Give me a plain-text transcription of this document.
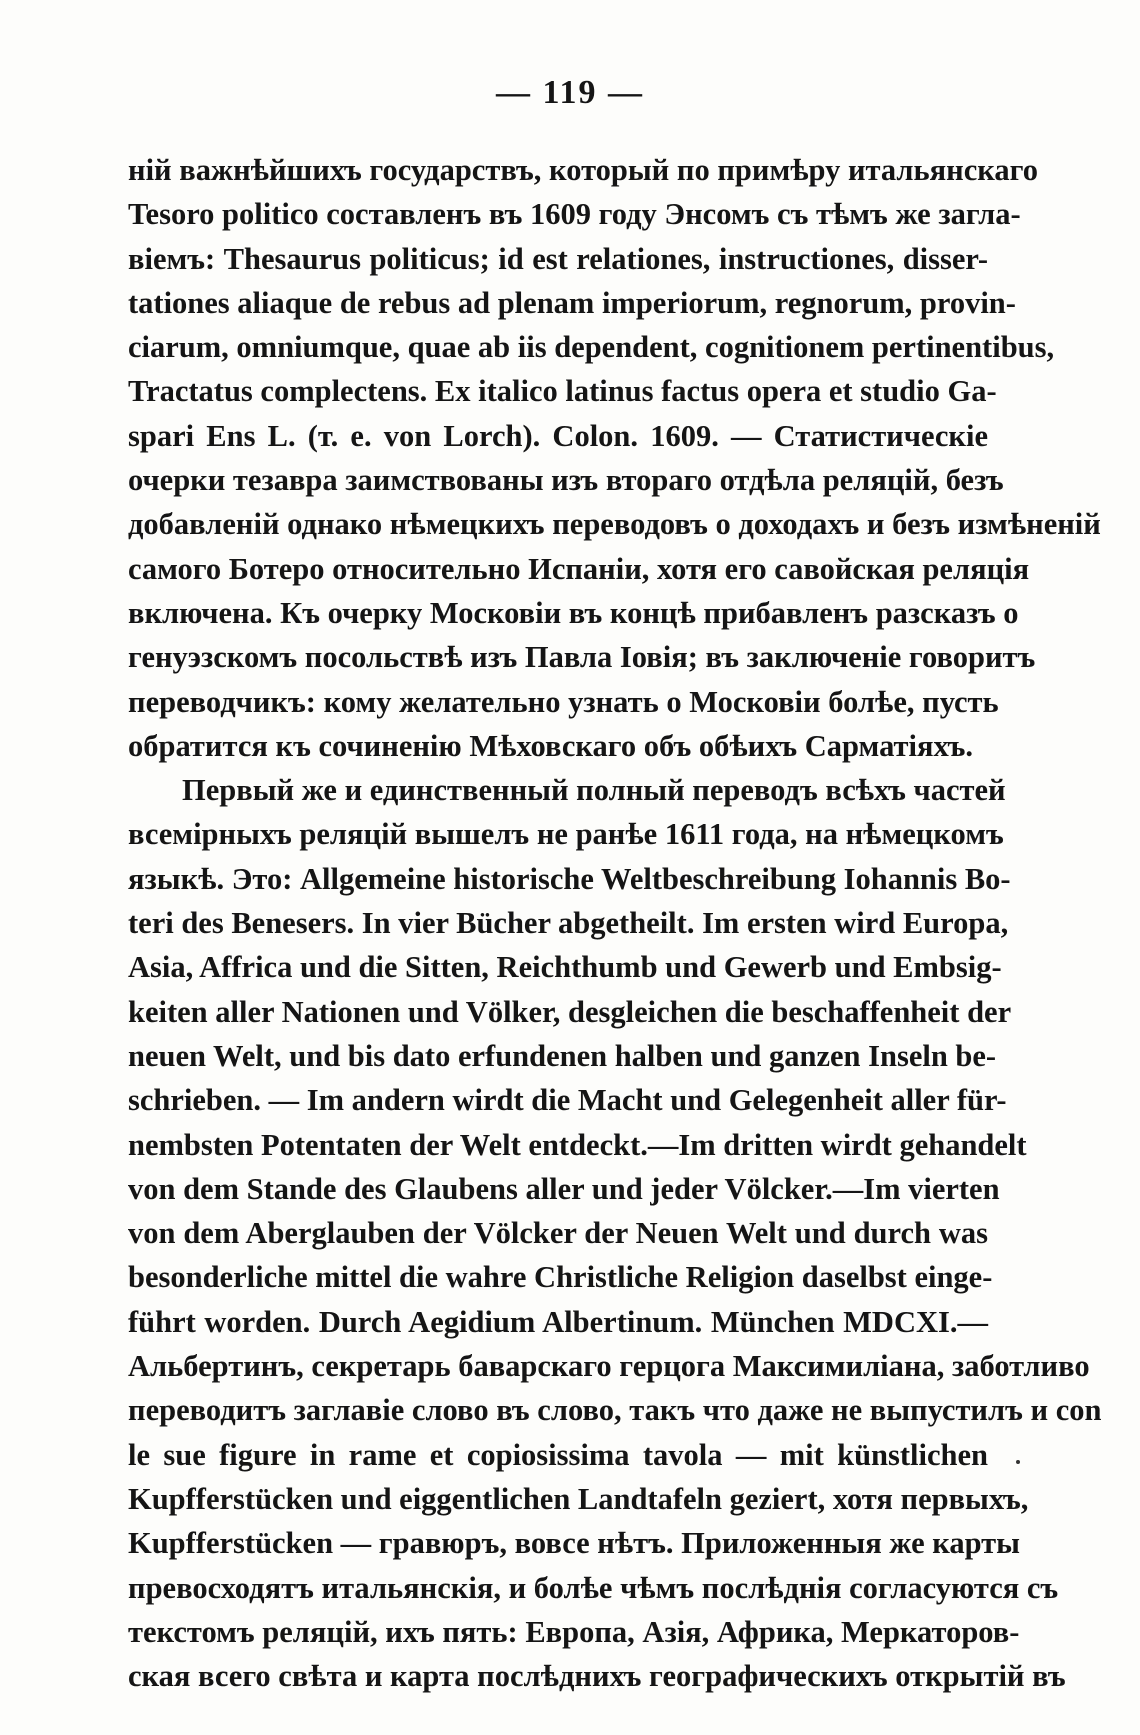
— 119 —
ній важнѣйшихъ государствъ, который по примѣру итальянскаго
Tesoro politico составленъ въ 1609 году Энсомъ съ тѣмъ же загла-
віемъ: Thesaurus politicus; id est relationes, instructiones, disser-
tationes aliaque de rebus ad plenam imperiorum, regnorum, provin-
ciarum, omniumque, quae ab iis dependent, cognitionem pertinentibus,
Tractatus complectens. Ex italico latinus factus opera et studio Ga-
spari Ens L. (т. е. von Lorch). Colon. 1609. — Статистическіе
очерки тезавра заимствованы изъ втораго отдѣла реляцій, безъ
добавленій однако нѣмецкихъ переводовъ о доходахъ и безъ измѣненій
самого Ботеро относительно Испаніи, хотя его савойская реляція
включена. Къ очерку Московіи въ концѣ прибавленъ разсказъ о
генуэзскомъ посольствѣ изъ Павла Іовія; въ заключеніе говоритъ
переводчикъ: кому желательно узнать о Московіи болѣе, пусть
обратится къ сочиненію Мѣховскаго объ обѣихъ Сарматіяхъ.
Первый же и единственный полный переводъ всѣхъ частей
всемірныхъ реляцій вышелъ не ранѣе 1611 года, на нѣмецкомъ
языкѣ. Это: Allgemeine historische Weltbeschreibung Iohannis Bo-
teri des Benesers. In vier Bücher abgetheilt. Im ersten wird Europa,
Asia, Affrica und die Sitten, Reichthumb und Gewerb und Embsig-
keiten aller Nationen und Völker, desgleichen die beschaffenheit der
neuen Welt, und bis dato erfundenen halben und ganzen Inseln be-
schrieben. — Im andern wirdt die Macht und Gelegenheit aller für-
nembsten Potentaten der Welt entdeckt.—Im dritten wirdt gehandelt
von dem Stande des Glaubens aller und jeder Völcker.—Im vierten
von dem Aberglauben der Völcker der Neuen Welt und durch was
besonderliche mittel die wahre Christliche Religion daselbst einge-
führt worden. Durch Aegidium Albertinum. München MDCXI.—
Альбертинъ, секретарь баварскаго герцога Максимиліана, заботливо
переводитъ заглавіе слово въ слово, такъ что даже не выпустилъ и con
le sue figure in rame et copiosissima tavola — mit künstlichen
Kupfferstücken und eiggentlichen Landtafeln geziert, хотя первыхъ,
Kupfferstücken — гравюръ, вовсе нѣтъ. Приложенныя же карты
превосходятъ итальянскія, и болѣе чѣмъ послѣднія согласуются съ
текстомъ реляцій, ихъ пять: Европа, Азія, Африка, Меркаторов-
ская всего свѣта и карта послѣднихъ географическихъ открытій въ
